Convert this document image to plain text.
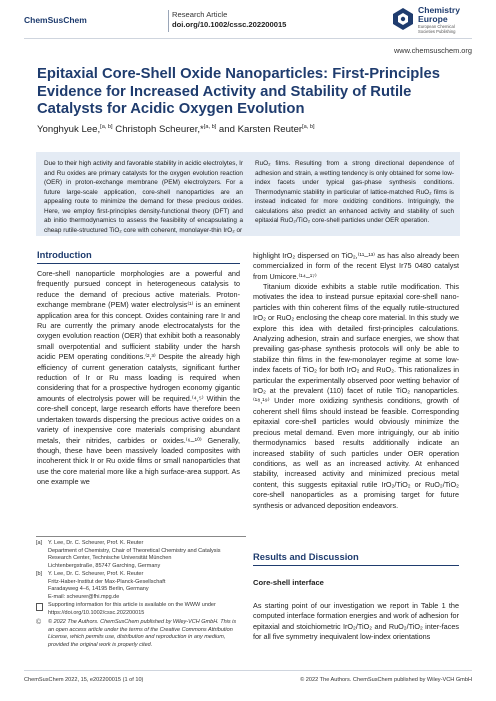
ChemSusChem
Research Article
doi.org/10.1002/cssc.202200015
Chemistry
Europe
European Chemical
Societies Publishing
www.chemsuschem.org
Epitaxial Core-Shell Oxide Nanoparticles: First-Principles Evidence for Increased Activity and Stability of Rutile Catalysts for Acidic Oxygen Evolution
Yonghyuk Lee,[a, b] Christoph Scheurer,*[a, b] and Karsten Reuter[a, b]
Due to their high activity and favorable stability in acidic electrolytes, Ir and Ru oxides are primary catalysts for the oxygen evolution reaction (OER) in proton-exchange membrane (PEM) electrolyzers. For a future large-scale application, core-shell nanoparticles are an appealing route to minimize the demand for these precious oxides. Here, we employ first-principles density-functional theory (DFT) and ab initio thermodynamics to assess the feasibility of encapsulating a cheap rutile-structured TiO₂ core with coherent, monolayer-thin IrO₂ or
RuO₂ films. Resulting from a strong directional dependence of adhesion and strain, a wetting tendency is only obtained for some low-index facets under typical gas-phase synthesis conditions. Thermodynamic stability in particular of lattice-matched RuO₂ films is instead indicated for more oxidizing conditions. Intriguingly, the calculations also predict an enhanced activity and stability of such epitaxial RuO₂/TiO₂ core-shell particles under OER operation.
Introduction
Core-shell nanoparticle morphologies are a powerful and frequently pursued concept in heterogeneous catalysis to reduce the demand of precious active materials. Proton-exchange membrane (PEM) water electrolysis⁽¹⁾ is an eminent application area for this concept. Oxides containing rare Ir and Ru are currently the primary anode electrocatalysts for the oxygen evolution reaction (OER) that exhibit both a reasonably small overpotential and sufficient stability under the harsh acidic PEM operating conditions.⁽²,³⁾ Despite the already high efficiency of current generation catalysts, significant further reduction of Ir or Ru mass loading is required when considering that for a prospective hydrogen economy gigantic amounts of electrolysis power will be required.⁽⁴,⁵⁾ Within the core-shell concept, large research efforts have therefore been undertaken towards dispersing the precious active oxides on a variety of inexpensive core materials comprising abundant metals, their nitrides, carbides or oxides.⁽⁶–¹⁰⁾ Generally, though, these have been massively loaded composites with incoherent thick Ir or Ru oxide films or small nanoparticles that use the core material more like a high surface-area support. As one example we
[a] Y. Lee, Dr. C. Scheurer, Prof. K. Reuter
Department of Chemistry, Chair of Theoretical Chemistry and Catalysis
Research Center, Technische Universität München
Lichtenbergstraße, 85747 Garching, Germany
[b] Y. Lee, Dr. C. Scheurer, Prof. K. Reuter
Fritz-Haber-Institut der Max-Planck-Gesellschaft
Faradayweg 4–6, 14195 Berlin, Germany
E-mail: scheurer@fhi.mpg.de
Supporting information for this article is available on the WWW under
https://doi.org/10.1002/cssc.202200015
© © 2022 The Authors. ChemSusChem published by Wiley-VCH GmbH. This is
an open access article under the terms of the Creative Commons Attribution
License, which permits use, distribution and reproduction in any medium,
provided the original work is properly cited.
highlight IrO₂ dispersed on TiO₂,⁽¹¹–¹³⁾ as has also already been commercialized in form of the recent Elyst Ir75 0480 catalyst from Umicore.⁽¹⁴–¹⁷⁾
Titanium dioxide exhibits a stable rutile modification. This motivates the idea to instead pursue epitaxial core-shell nano-particles with thin coherent films of the equally rutile-structured IrO₂ or RuO₂ enclosing the cheap core material. In this study we explore this idea with detailed first-principles calculations. Analyzing adhesion, strain and surface energies, we show that prevailing gas-phase synthesis protocols will only be able to stabilize thin films in the few-monolayer regime at some low-index facets of TiO₂ for both IrO₂ and RuO₂. This rationalizes in particular the experimentally observed poor wetting behavior of IrO₂ at the prevalent (110) facet of rutile TiO₂ nanoparticles.⁽¹⁸,¹⁹⁾ Under more oxidizing synthesis conditions, growth of coherent shell films should instead be feasible. Corresponding epitaxial core-shell particles would obviously minimize the precious metal demand. Even more intriguingly, our ab initio thermodynamics based results additionally indicate an increased stability of such particles under OER operation conditions, as well as an increased activity. At enhanced stability, increased activity and minimized precious metal content, this suggests epitaxial rutile IrO₂/TiO₂ or RuO₂/TiO₂ core-shell nanoparticles as a promising target for future synthesis or advanced deposition endeavors.
Results and Discussion
Core-shell interface
As starting point of our investigation we report in Table 1 the computed interface formation energies and work of adhesion for epitaxial and stoichiometric IrO₂/TiO₂ and RuO₂/TiO₂ inter-faces for all five symmetry inequivalent low-index orientations
ChemSusChem 2022, 15, e202200015 (1 of 10)	© 2022 The Authors. ChemSusChem published by Wiley-VCH GmbH
